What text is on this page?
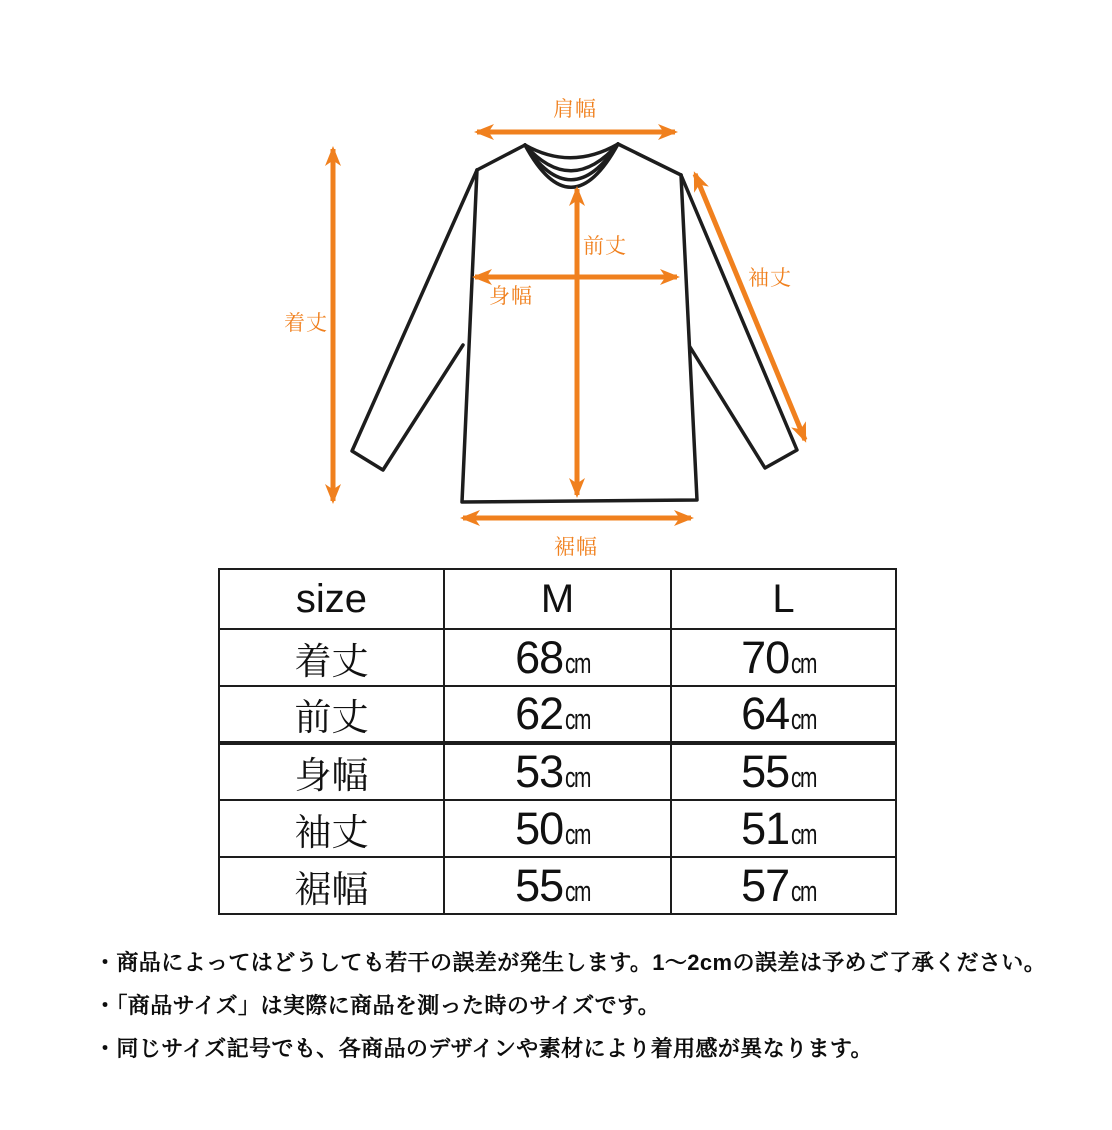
肩幅
着丈
前丈
身幅
袖丈
裾幅
size	M	L
着丈	68cm	70cm
前丈	62cm	64cm
身幅	53cm	55cm
袖丈	50cm	51cm
裾幅	55cm	57cm
・商品によってはどうしても若干の誤差が発生します。1〜2cmの誤差は予めご了承ください。
・「商品サイズ」は実際に商品を測った時のサイズです。
・同じサイズ記号でも、各商品のデザインや素材により着用感が異なります。
